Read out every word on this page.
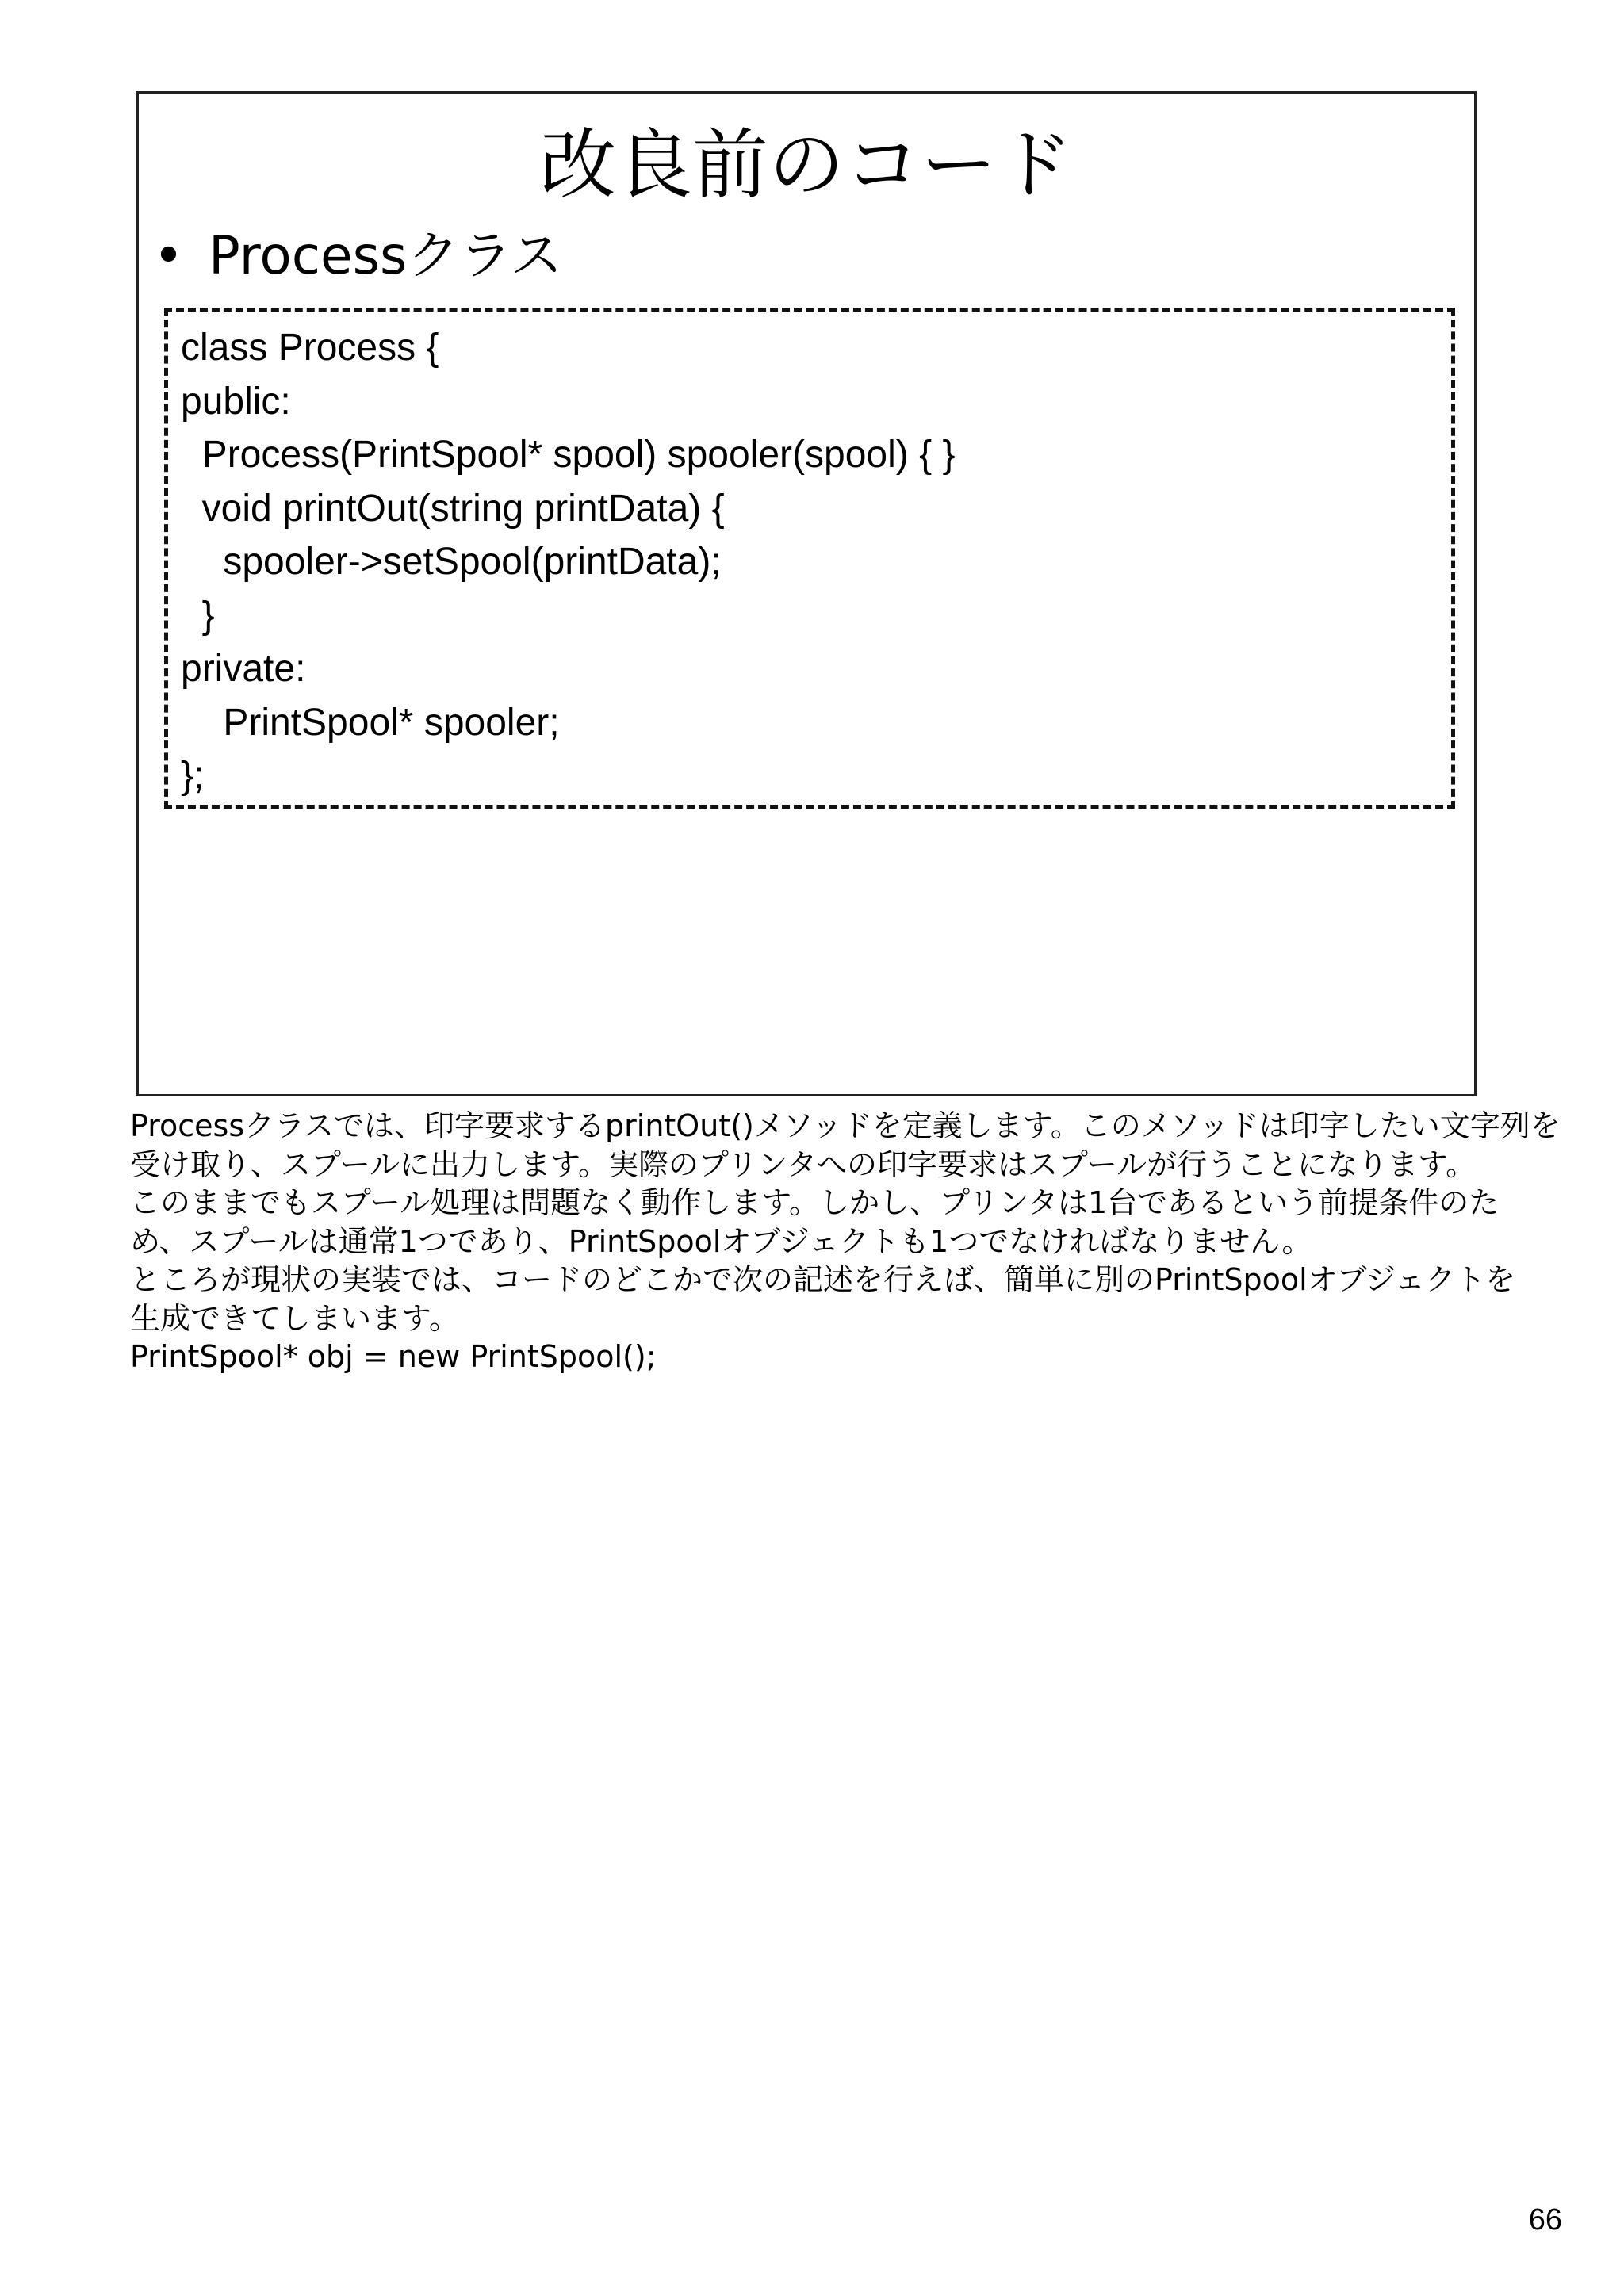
改良前のコード
• Processクラス
class Process {
public:
Process(PrintSpool* spool) spooler(spool) { }
void printOut(string printData) {
spooler->setSpool(printData);
}
private:
PrintSpool* spooler;
};
Processクラスでは、印字要求するprintOut()メソッドを定義します。このメソッドは印字したい文字列を
受け取り、スプールに出力します。実際のプリンタへの印字要求はスプールが行うことになります。
このままでもスプール処理は問題なく動作します。しかし、プリンタは1台であるという前提条件のた
め、スプールは通常1つであり、PrintSpoolオブジェクトも1つでなければなりません。
ところが現状の実装では、コードのどこかで次の記述を行えば、簡単に別のPrintSpoolオブジェクトを
生成できてしまいます。
PrintSpool* obj = new PrintSpool();
66
